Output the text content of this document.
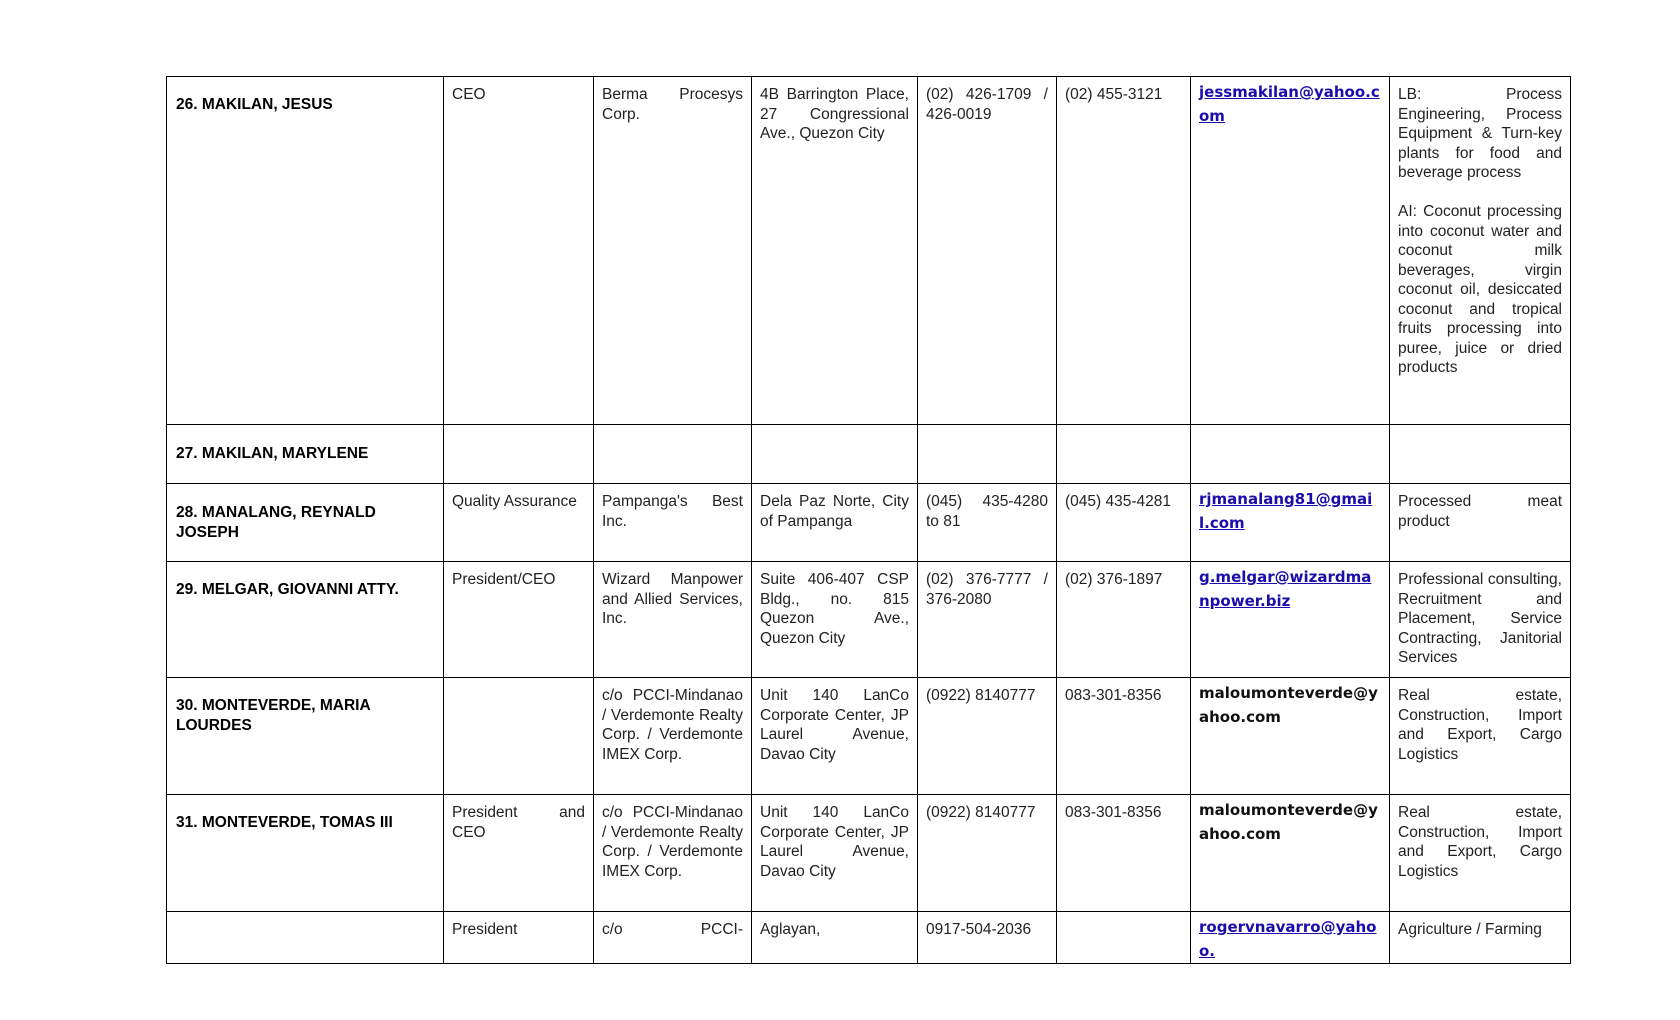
26. MAKILAN, JESUS	CEO	Berma Procesys Corp.	4B Barrington Place, 27 Congressional Ave., Quezon City	(02) 426-1709 / 426-0019	(02) 455-3121	jessmakilan@yahoo.com	LB: Process Engineering, Process Equipment & Turn-key plants for food and beverage process

AI: Coconut processing into coconut water and coconut milk beverages, virgin coconut oil, desiccated coconut and tropical fruits processing into puree, juice or dried products

27. MAKILAN, MARYLENE							
28. MANALANG, REYNALD JOSEPH	Quality Assurance	Pampanga's Best Inc.	Dela Paz Norte, City of Pampanga	(045) 435-4280 to 81	(045) 435-4281	rjmanalang81@gmail.com	Processed meat product

29. MELGAR, GIOVANNI ATTY.	President/CEO	Wizard Manpower and Allied Services, Inc.	Suite 406-407 CSP Bldg., no. 815 Quezon Ave., Quezon City	(02) 376-7777 / 376-2080	(02) 376-1897	g.melgar@wizardmanpower.biz	Professional consulting, Recruitment and Placement, Service Contracting, Janitorial Services

30. MONTEVERDE, MARIA LOURDES		c/o PCCI-Mindanao / Verdemonte Realty Corp. / Verdemonte IMEX Corp.	Unit 140 LanCo Corporate Center, JP Laurel Avenue, Davao City	(0922) 8140777	083-301-8356	maloumonteverde@yahoo.com	Real estate, Construction, Import and Export, Cargo Logistics

31. MONTEVERDE, TOMAS III	President and CEO	c/o PCCI-Mindanao / Verdemonte Realty Corp. / Verdemonte IMEX Corp.	Unit 140 LanCo Corporate Center, JP Laurel Avenue, Davao City	(0922) 8140777	083-301-8356	maloumonteverde@yahoo.com	Real estate, Construction, Import and Export, Cargo Logistics

	President	c/o PCCI-	Aglayan,	0917-504-2036		rogervnavarro@yahoo.	Agriculture / Farming
